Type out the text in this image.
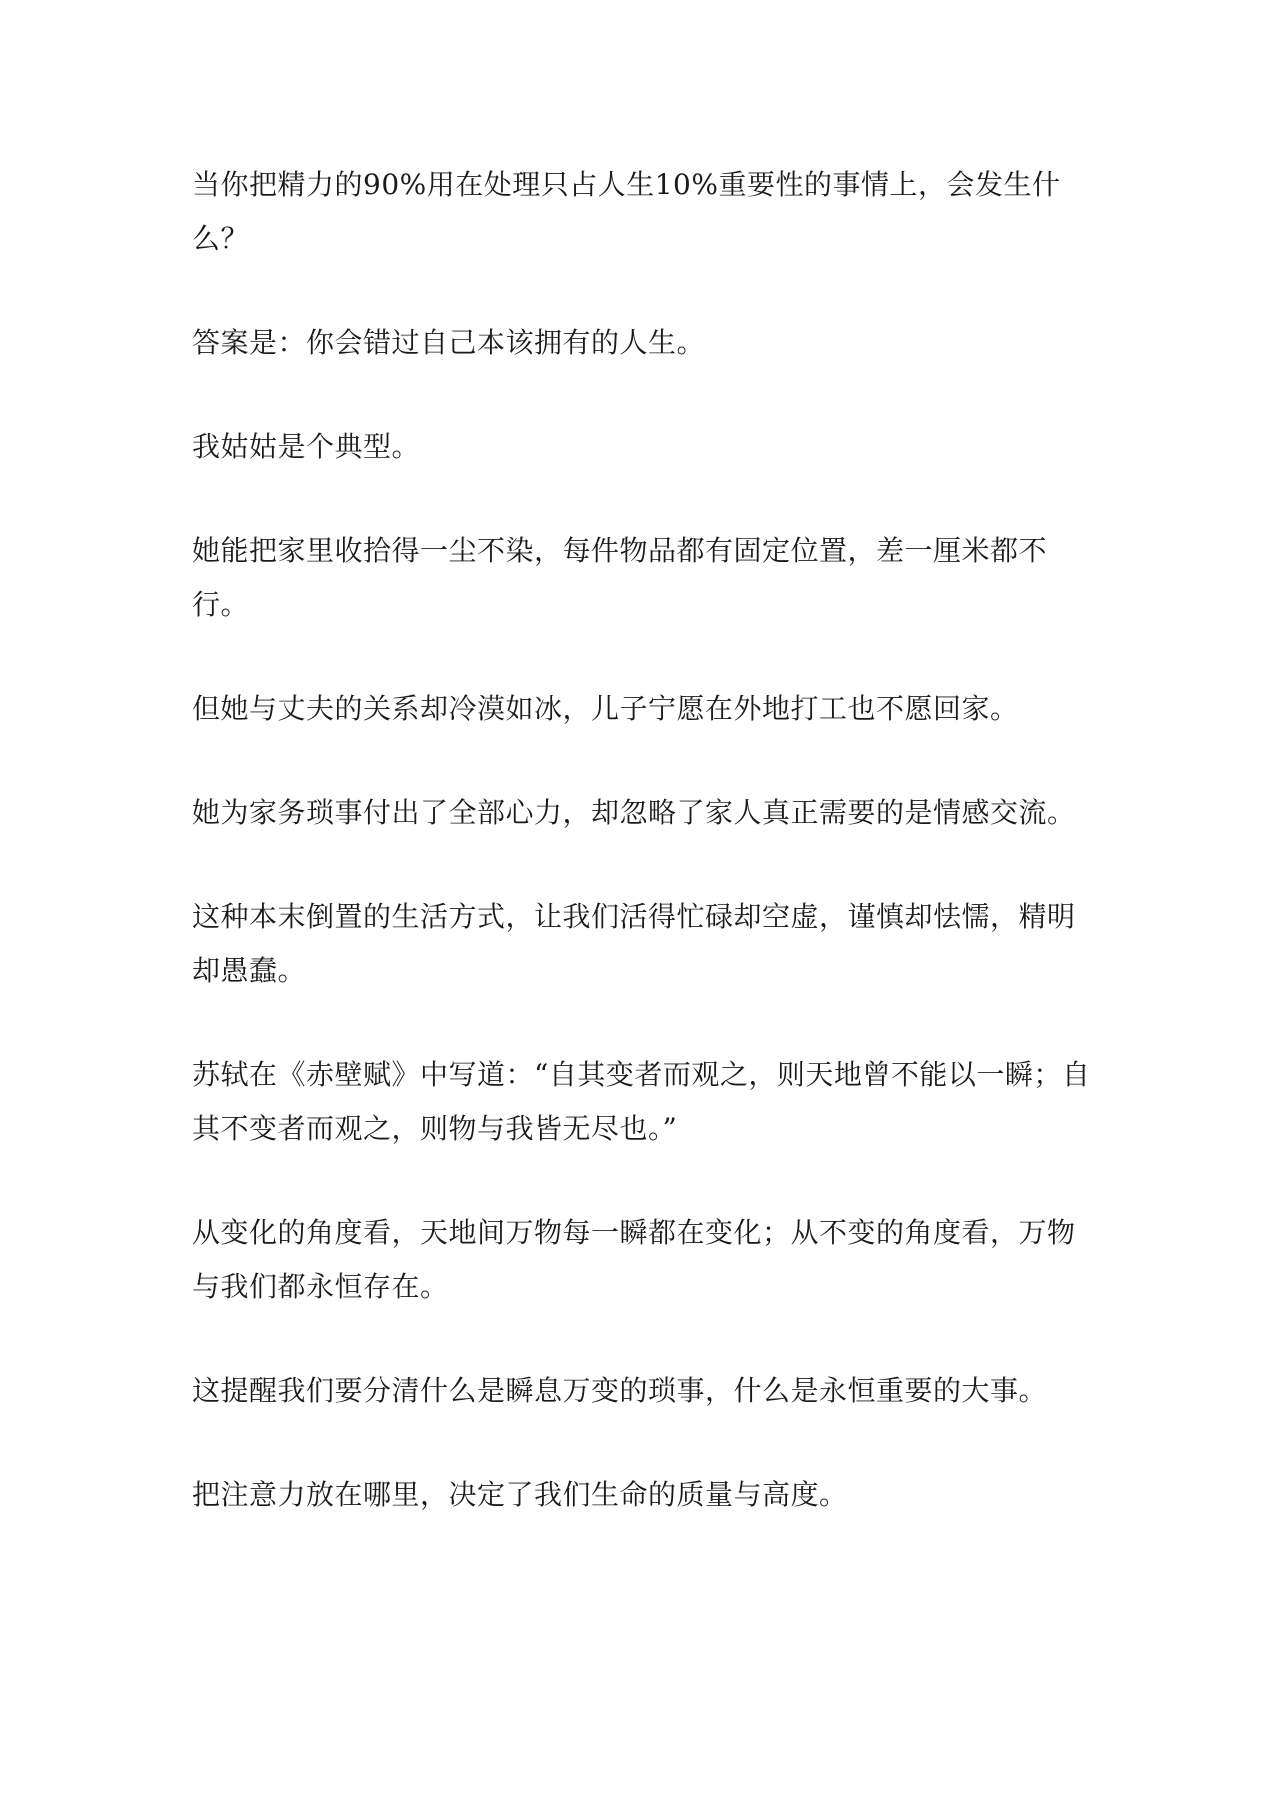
当你把精力的90%用在处理只占人生10%重要性的事情上，会发生什么？

答案是：你会错过自己本该拥有的人生。

我姑姑是个典型。

她能把家里收拾得一尘不染，每件物品都有固定位置，差一厘米都不行。

但她与丈夫的关系却冷漠如冰，儿子宁愿在外地打工也不愿回家。

她为家务琐事付出了全部心力，却忽略了家人真正需要的是情感交流。

这种本末倒置的生活方式，让我们活得忙碌却空虚，谨慎却怯懦，精明却愚蠢。

苏轼在《赤壁赋》中写道：“自其变者而观之，则天地曾不能以一瞬；自其不变者而观之，则物与我皆无尽也。”

从变化的角度看，天地间万物每一瞬都在变化；从不变的角度看，万物与我们都永恒存在。

这提醒我们要分清什么是瞬息万变的琐事，什么是永恒重要的大事。

把注意力放在哪里，决定了我们生命的质量与高度。
